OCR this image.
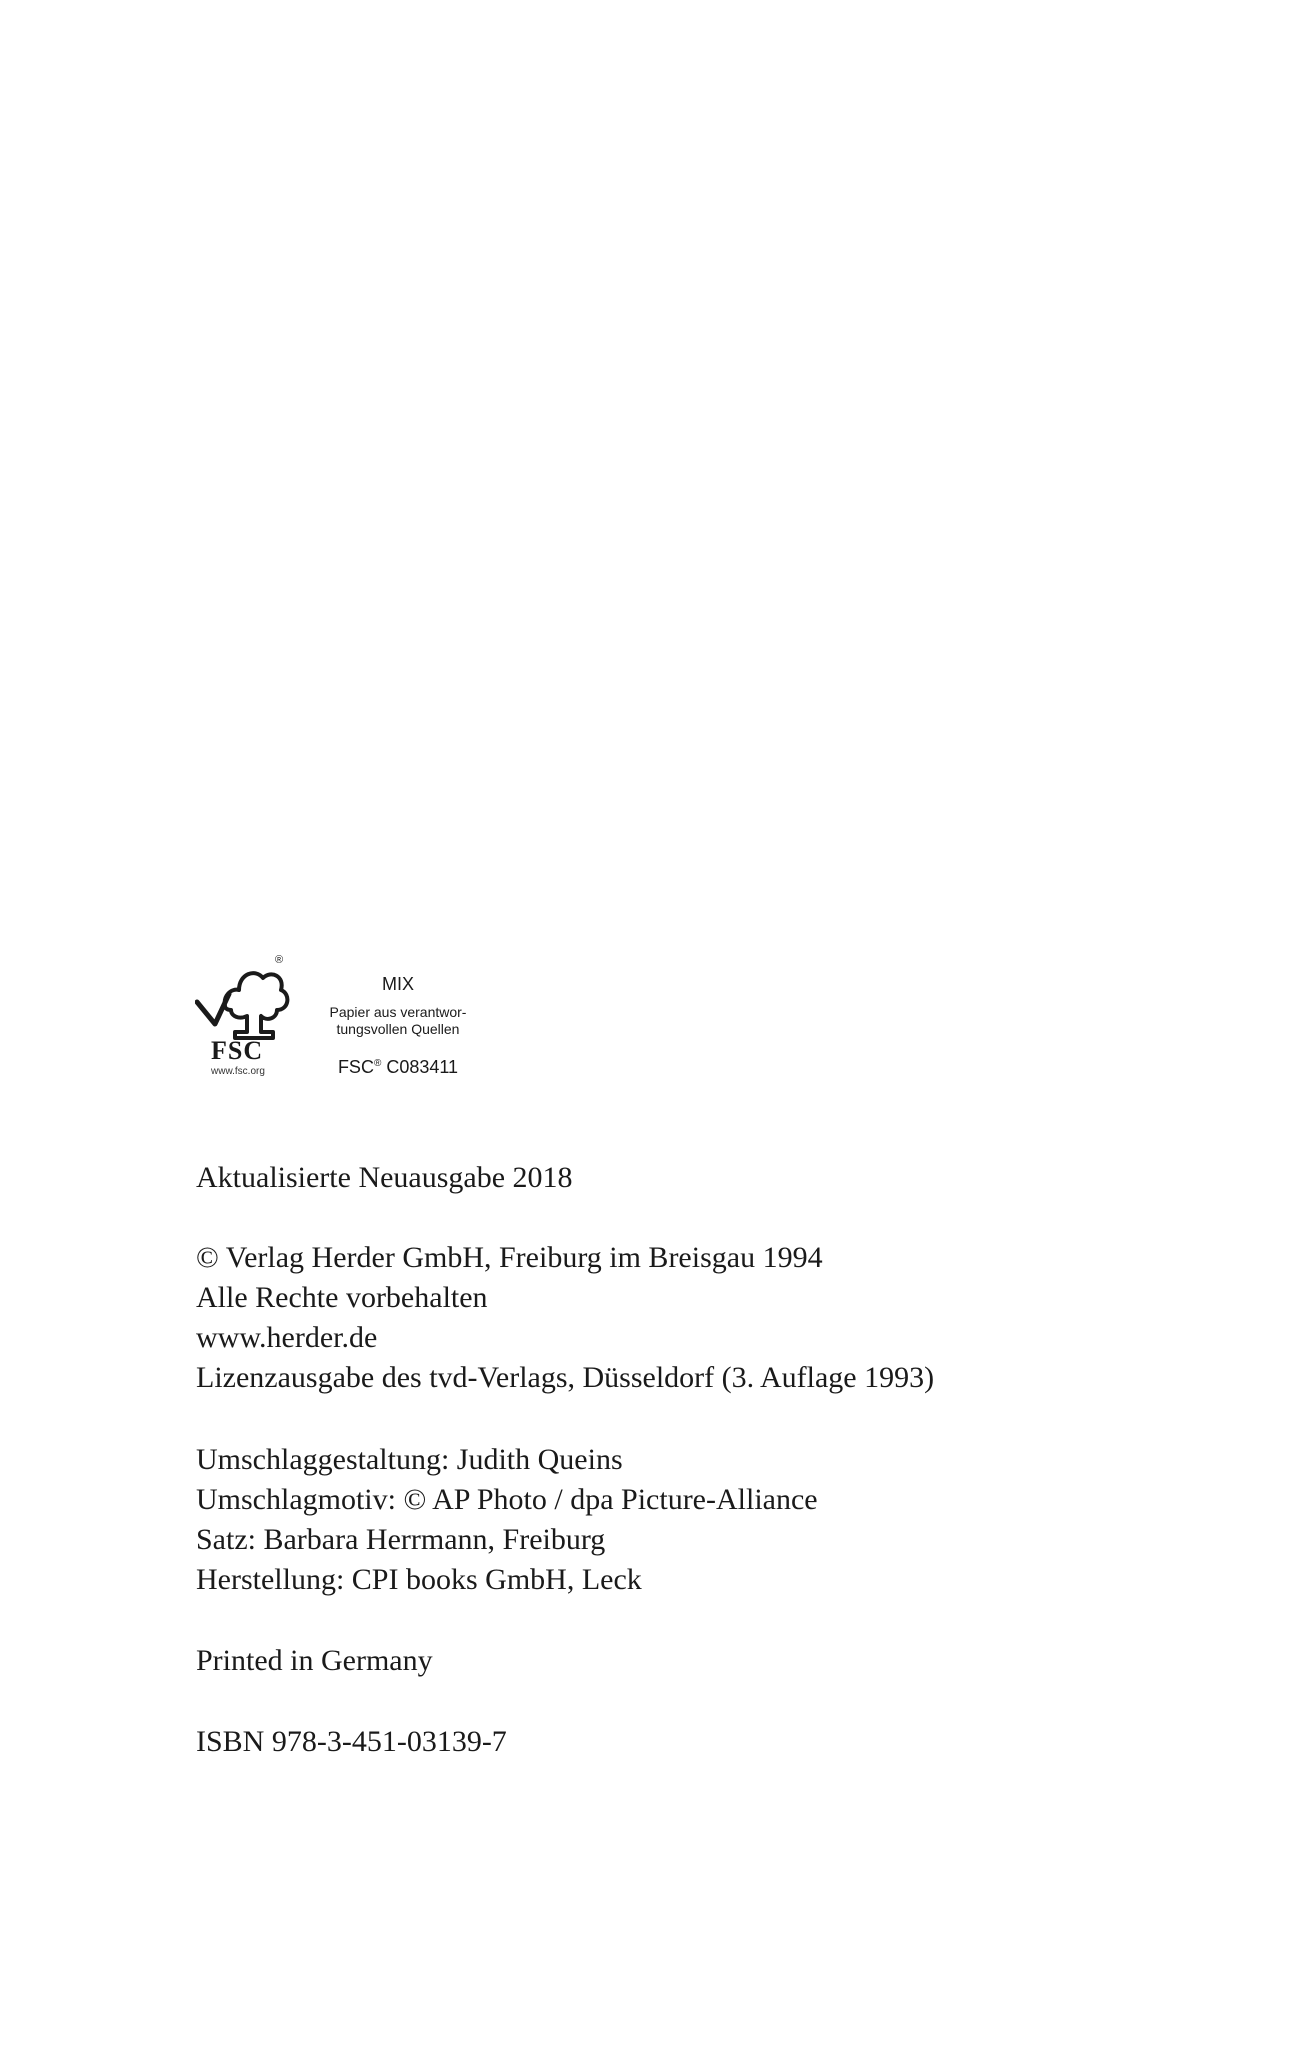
®
FSC
www.fsc.org
MIX
Papier aus verantwor-
tungsvollen Quellen
FSC® C083411
Aktualisierte Neuausgabe 2018
© Verlag Herder GmbH, Freiburg im Breisgau 1994
Alle Rechte vorbehalten
www.herder.de
Lizenzausgabe des tvd-Verlags, Düsseldorf (3. Auflage 1993)
Umschlaggestaltung: Judith Queins
Umschlagmotiv: © AP Photo / dpa Picture-Alliance
Satz: Barbara Herrmann, Freiburg
Herstellung: CPI books GmbH, Leck
Printed in Germany
ISBN 978-3-451-03139-7
